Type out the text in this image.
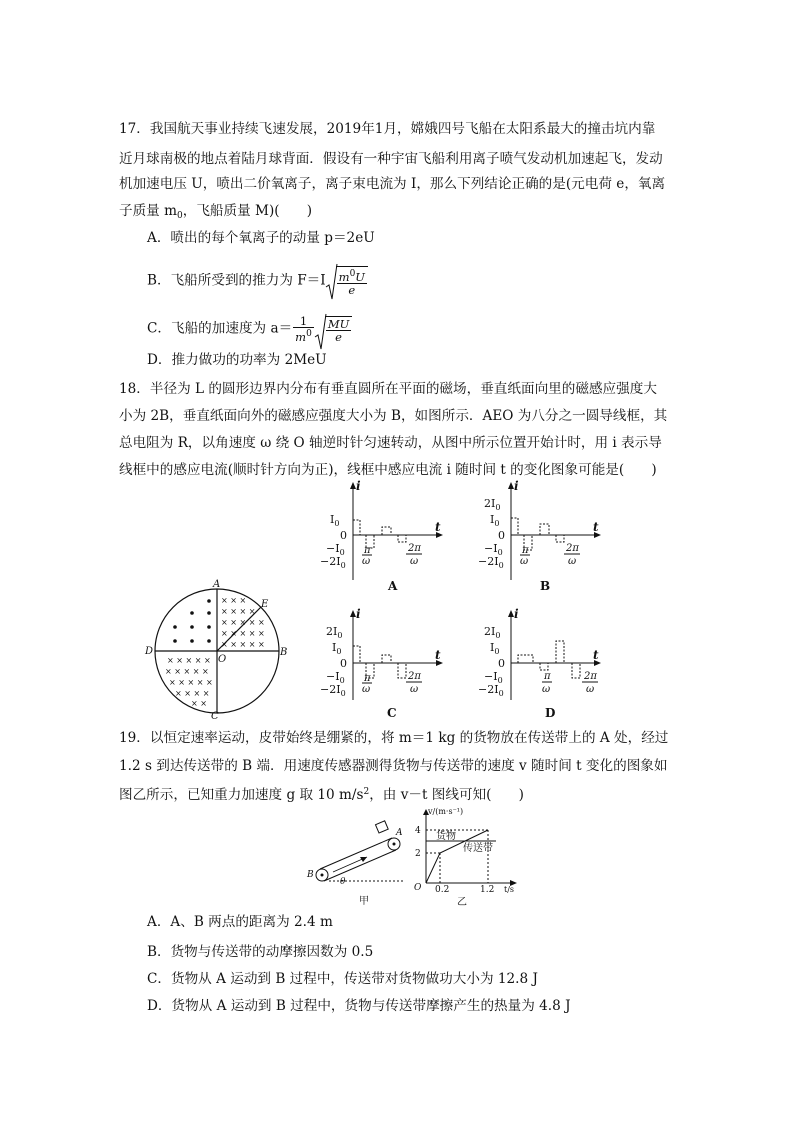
17．我国航天事业持续飞速发展，2019年1月，嫦娥四号飞船在太阳系最大的撞击坑内靠
近月球南极的地点着陆月球背面．假设有一种宇宙飞船利用离子喷气发动机加速起飞，发动
机加速电压 U，喷出二价氧离子，离子束电流为 I，那么下列结论正确的是(元电荷 e，氧离
子质量 $m_0$，飞船质量 M)(　　)
A．喷出的每个氧离子的动量 p＝2eU
B．飞船所受到的推力为 $F=I \frac{m^0U}{e}$
C．飞船的加速度为 $a= \frac{1}{m^0} \frac{MU}{e}$
D．推力做功的功率为 2MeU
18．半径为 L 的圆形边界内分布有垂直圆所在平面的磁场，垂直纸面向里的磁感应强度大
小为 2B，垂直纸面向外的磁感应强度大小为 B，如图所示．AEO 为八分之一圆导线框，其
总电阻为 R，以角速度 ω 绕 O 轴逆时针匀速转动，从图中所示位置开始计时，用 i 表示导
线框中的感应电流(顺时针方向为正)，线框中感应电流 i 随时间 t 的变化图象可能是(　　)
× × ×
× × × ×
× × × × ×
× × × × ×
× × × × ×
× × × × ×
× × × × ×
× × × × ×
× × × ×
× ×
A
E
D
O
B
C
i
t
$I_0$
0
$-I_0$
$-2I_0$
π
ω
2π
ω
A
i
t
$2I_0$
$I_0$
0
$-I_0$
$-2I_0$
π
ω
2π
ω
B
i
t
$2I_0$
$I_0$
0
$-I_0$
$-2I_0$
π
ω
2π
ω
C
i
t
$2I_0$
$I_0$
0
$-I_0$
$-2I_0$
π
ω
2π
ω
D
19．以恒定速率运动，皮带始终是绷紧的，将 m＝1 kg 的货物放在传送带上的 A 处，经过
1.2 s 到达传送带的 B 端．用速度传感器测得货物与传送带的速度 v 随时间 t 变化的图象如
图乙所示，已知重力加速度 g 取 10 $m/s^2$，由 v－t 图线可知(　　)
A
B
θ
甲
v/(m·s⁻¹)
t/s
4
2
O 0.2	1.2
货物
传送带
乙
A．A、B 两点的距离为 2.4 m
B．货物与传送带的动摩擦因数为 0.5
C．货物从 A 运动到 B 过程中，传送带对货物做功大小为 12.8 J
D．货物从 A 运动到 B 过程中，货物与传送带摩擦产生的热量为 4.8 J
